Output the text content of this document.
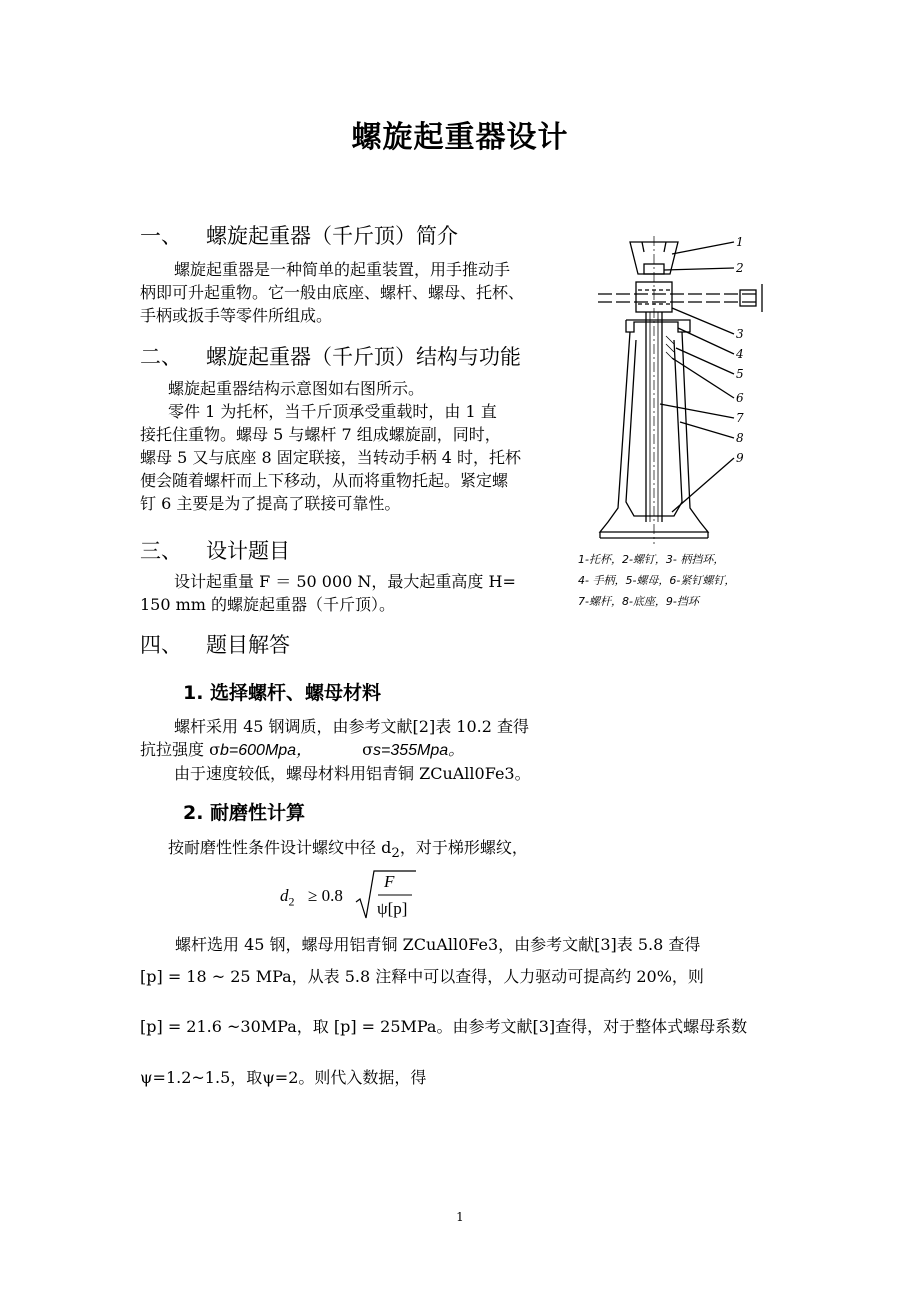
螺旋起重器设计
一、 螺旋起重器（千斤顶）简介
螺旋起重器是一种简单的起重装置，用手推动手
柄即可升起重物。它一般由底座、螺杆、螺母、托杯、
手柄或扳手等零件所组成。
二、 螺旋起重器（千斤顶）结构与功能
螺旋起重器结构示意图如右图所示。
零件 1 为托杯，当千斤顶承受重载时，由 1 直
接托住重物。螺母 5 与螺杆 7 组成螺旋副，同时，
螺母 5 又与底座 8 固定联接，当转动手柄 4 时，托杯
便会随着螺杆而上下移动，从而将重物托起。紧定螺
钉 6 主要是为了提高了联接可靠性。
三、 设计题目
设计起重量 F ＝ 50 000 N，最大起重高度 H=
150 mm 的螺旋起重器（千斤顶）。
四、 题目解答
1. 选择螺杆、螺母材料
螺杆采用 45 钢调质，由参考文献[2]表 10.2 查得
抗拉强度 σb=600Mpa，	σs=355Mpa。
由于速度较低，螺母材料用铝青铜 ZCuAll0Fe3。
2. 耐磨性计算
按耐磨性性条件设计螺纹中径 $d_2$，对于梯形螺纹，
$d_2 \ge 0.8$
F
ψ[p]
螺杆选用 45 钢，螺母用铝青铜 ZCuAll0Fe3，由参考文献[3]表 5.8 查得
[p] = 18 ~ 25 MPa，从表 5.8 注释中可以查得，人力驱动可提高约 20%，则
[p] = 21.6 ~30MPa，取 [p] = 25MPa。由参考文献[3]查得，对于整体式螺母系数
ψ=1.2~1.5，取ψ=2。则代入数据，得
1
2
3
4
5
6
7
8
9
1-托杯，2-螺钉，3- 柄挡环，
4- 手柄，5-螺母，6-紧钉螺钉，
7-螺杆，8-底座，9-挡环
1
